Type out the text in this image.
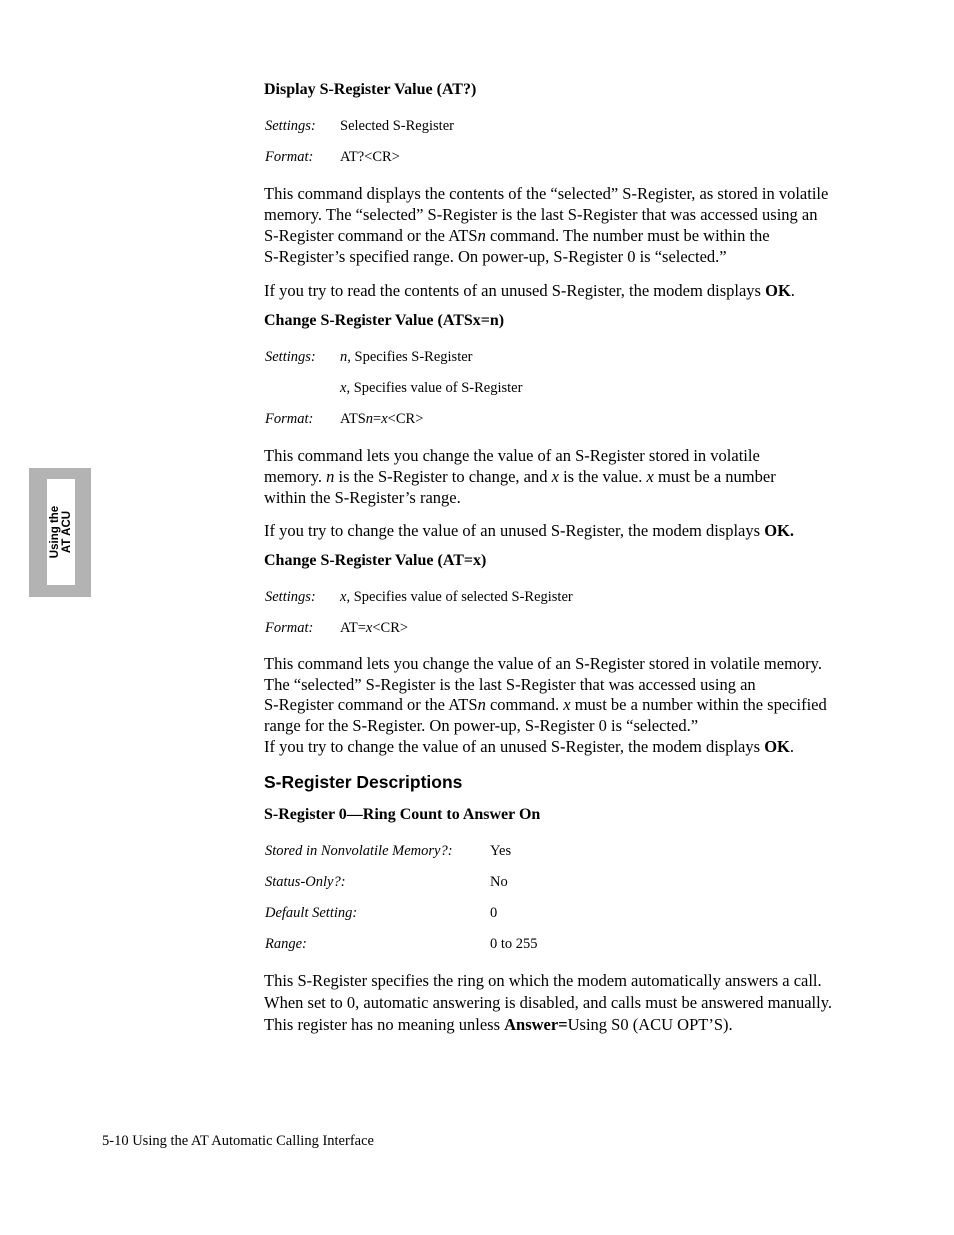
Using the AT ACU
Display S-Register Value (AT?)
Settings: Selected S-Register
Format: AT?<CR>
This command displays the contents of the “selected” S-Register, as stored in volatile
memory. The “selected” S-Register is the last S-Register that was accessed using an
S-Register command or the ATSn command. The number must be within the
S-Register’s specified range. On power-up, S-Register 0 is “selected.”
If you try to read the contents of an unused S-Register, the modem displays OK.
Change S-Register Value (ATSx=n)
Settings: n, Specifies S-Register
x, Specifies value of S-Register
Format: ATSn=x<CR>
This command lets you change the value of an S-Register stored in volatile
memory. n is the S-Register to change, and x is the value. x must be a number
within the S-Register’s range.
If you try to change the value of an unused S-Register, the modem displays OK.
Change S-Register Value (AT=x)
Settings: x, Specifies value of selected S-Register
Format: AT=x<CR>
This command lets you change the value of an S-Register stored in volatile memory.
The “selected” S-Register is the last S-Register that was accessed using an
S-Register command or the ATSn command. x must be a number within the specified
range for the S-Register. On power-up, S-Register 0 is “selected.”
If you try to change the value of an unused S-Register, the modem displays OK.
S-Register Descriptions
S-Register 0—Ring Count to Answer On
Stored in Nonvolatile Memory?:	Yes
Status-Only?:	No
Default Setting:	0
Range:	0 to 255
This S-Register specifies the ring on which the modem automatically answers a call.
When set to 0, automatic answering is disabled, and calls must be answered manually.
This register has no meaning unless Answer=Using S0 (ACU OPT’S).
5-10 Using the AT Automatic Calling Interface
